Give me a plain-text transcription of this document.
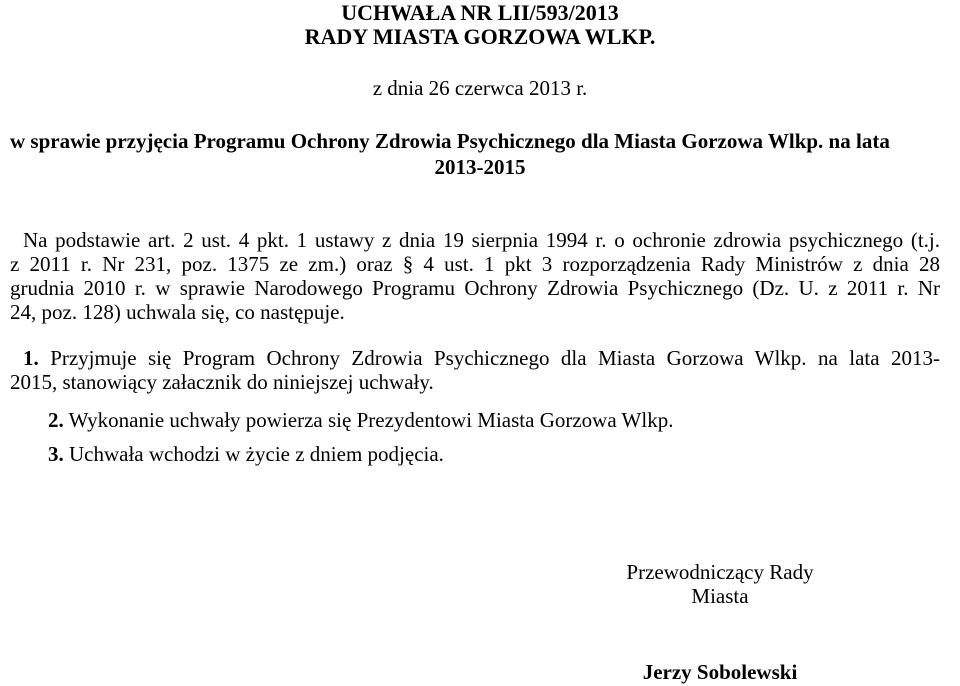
UCHWAŁA NR LII/593/2013
RADY MIASTA GORZOWA WLKP.
z dnia 26 czerwca 2013 r.
w sprawie przyjęcia Programu Ochrony Zdrowia Psychicznego dla Miasta Gorzowa Wlkp. na lata
2013-2015
Na podstawie art. 2 ust. 4 pkt. 1 ustawy z dnia 19 sierpnia 1994 r. o ochronie zdrowia psychicznego (t.j.
z 2011 r. Nr 231, poz. 1375 ze zm.) oraz § 4 ust. 1 pkt 3 rozporządzenia Rady Ministrów z dnia 28
grudnia 2010 r. w sprawie Narodowego Programu Ochrony Zdrowia Psychicznego (Dz. U. z 2011 r. Nr
24, poz. 128) uchwala się, co następuje.
1. Przyjmuje się Program Ochrony Zdrowia Psychicznego dla Miasta Gorzowa Wlkp. na lata 2013-
2015, stanowiący załacznik do niniejszej uchwały.
2. Wykonanie uchwały powierza się Prezydentowi Miasta Gorzowa Wlkp.
3. Uchwała wchodzi w życie z dniem podjęcia.
Przewodniczący Rady
Miasta
Jerzy Sobolewski
